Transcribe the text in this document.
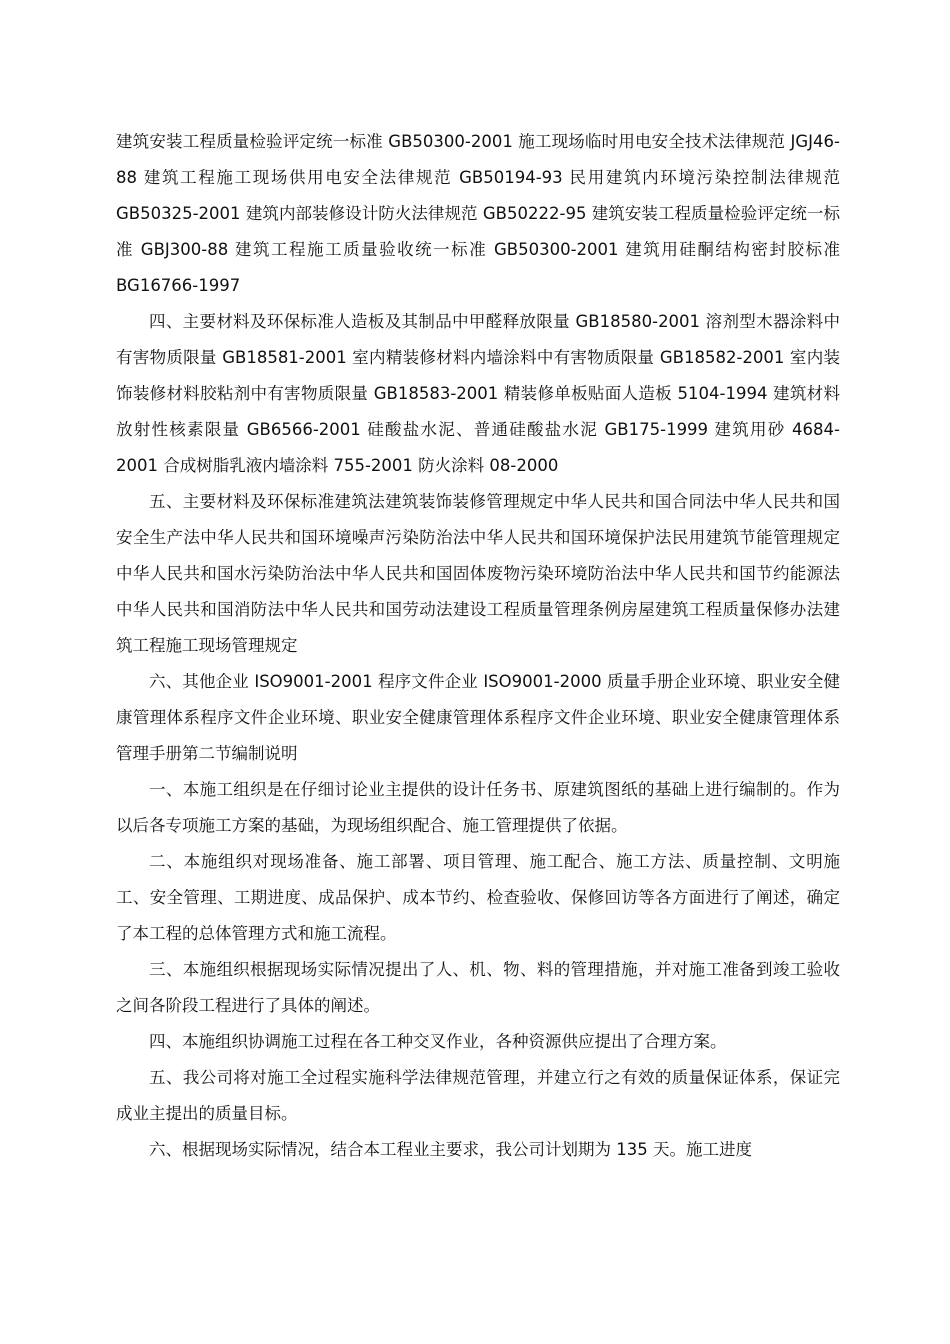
建筑安装工程质量检验评定统一标准 GB50300-2001 施工现场临时用电安全技术法律规范 JGJ46-88 建筑工程施工现场供用电安全法律规范 GB50194-93 民用建筑内环境污染控制法律规范 GB50325-2001 建筑内部装修设计防火法律规范 GB50222-95 建筑安装工程质量检验评定统一标准 GBJ300-88 建筑工程施工质量验收统一标准 GB50300-2001 建筑用硅酮结构密封胶标准 BG16766-1997

四、主要材料及环保标准人造板及其制品中甲醛释放限量 GB18580-2001 溶剂型木器涂料中有害物质限量 GB18581-2001 室内精装修材料内墙涂料中有害物质限量 GB18582-2001 室内装饰装修材料胶粘剂中有害物质限量 GB18583-2001 精装修单板贴面人造板 5104-1994 建筑材料放射性核素限量 GB6566-2001 硅酸盐水泥、普通硅酸盐水泥 GB175-1999 建筑用砂 4684-2001 合成树脂乳液内墙涂料 755-2001 防火涂料 08-2000

五、主要材料及环保标准建筑法建筑装饰装修管理规定中华人民共和国合同法中华人民共和国安全生产法中华人民共和国环境噪声污染防治法中华人民共和国环境保护法民用建筑节能管理规定中华人民共和国水污染防治法中华人民共和国固体废物污染环境防治法中华人民共和国节约能源法中华人民共和国消防法中华人民共和国劳动法建设工程质量管理条例房屋建筑工程质量保修办法建筑工程施工现场管理规定

六、其他企业 ISO9001-2001 程序文件企业 ISO9001-2000 质量手册企业环境、职业安全健康管理体系程序文件企业环境、职业安全健康管理体系程序文件企业环境、职业安全健康管理体系管理手册第二节编制说明

一、本施工组织是在仔细讨论业主提供的设计任务书、原建筑图纸的基础上进行编制的。作为以后各专项施工方案的基础，为现场组织配合、施工管理提供了依据。

二、本施组织对现场准备、施工部署、项目管理、施工配合、施工方法、质量控制、文明施工、安全管理、工期进度、成品保护、成本节约、检查验收、保修回访等各方面进行了阐述，确定了本工程的总体管理方式和施工流程。

三、本施组织根据现场实际情况提出了人、机、物、料的管理措施，并对施工准备到竣工验收之间各阶段工程进行了具体的阐述。

四、本施组织协调施工过程在各工种交叉作业，各种资源供应提出了合理方案。

五、我公司将对施工全过程实施科学法律规范管理，并建立行之有效的质量保证体系，保证完成业主提出的质量目标。

六、根据现场实际情况，结合本工程业主要求，我公司计划期为 135 天。施工进度
